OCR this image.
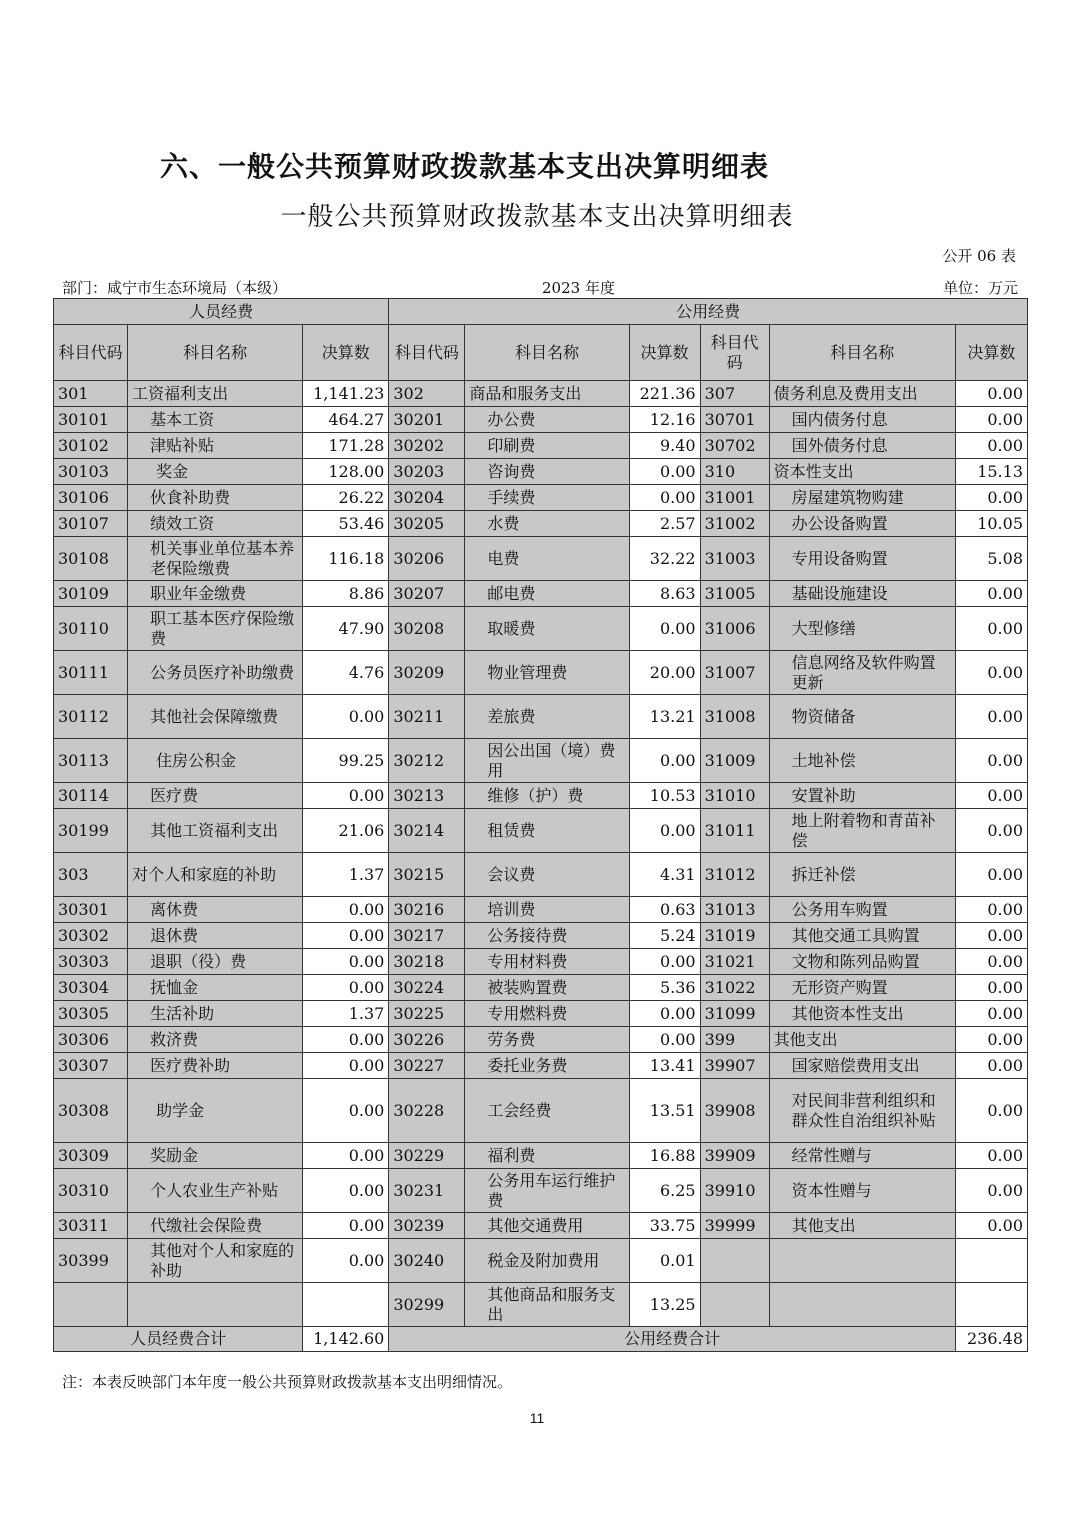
六、一般公共预算财政拨款基本支出决算明细表
一般公共预算财政拨款基本支出决算明细表
公开 06 表
部门：咸宁市生态环境局（本级）	2023 年度	单位：万元
人员经费			公用经费					
科目代码	科目名称	决算数	科目代码	科目名称	决算数	科目代码	科目名称	决算数
301	工资福利支出	1,141.23	302	商品和服务支出	221.36	307	债务利息及费用支出	0.00
30101	基本工资	464.27	30201	办公费	12.16	30701	国内债务付息	0.00
30102	津贴补贴	171.28	30202	印刷费	9.40	30702	国外债务付息	0.00
30103	奖金	128.00	30203	咨询费	0.00	310	资本性支出	15.13
30106	伙食补助费	26.22	30204	手续费	0.00	31001	房屋建筑物购建	0.00
30107	绩效工资	53.46	30205	水费	2.57	31002	办公设备购置	10.05
30108	机关事业单位基本养老保险缴费	116.18	30206	电费	32.22	31003	专用设备购置	5.08
30109	职业年金缴费	8.86	30207	邮电费	8.63	31005	基础设施建设	0.00
30110	职工基本医疗保险缴费	47.90	30208	取暖费	0.00	31006	大型修缮	0.00
30111	公务员医疗补助缴费	4.76	30209	物业管理费	20.00	31007	信息网络及软件购置更新	0.00
30112	其他社会保障缴费	0.00	30211	差旅费	13.21	31008	物资储备	0.00
30113	住房公积金	99.25	30212	因公出国（境）费用	0.00	31009	土地补偿	0.00
30114	医疗费	0.00	30213	维修（护）费	10.53	31010	安置补助	0.00
30199	其他工资福利支出	21.06	30214	租赁费	0.00	31011	地上附着物和青苗补偿	0.00
303	对个人和家庭的补助	1.37	30215	会议费	4.31	31012	拆迁补偿	0.00
30301	离休费	0.00	30216	培训费	0.63	31013	公务用车购置	0.00
30302	退休费	0.00	30217	公务接待费	5.24	31019	其他交通工具购置	0.00
30303	退职（役）费	0.00	30218	专用材料费	0.00	31021	文物和陈列品购置	0.00
30304	抚恤金	0.00	30224	被装购置费	5.36	31022	无形资产购置	0.00
30305	生活补助	1.37	30225	专用燃料费	0.00	31099	其他资本性支出	0.00
30306	救济费	0.00	30226	劳务费	0.00	399	其他支出	0.00
30307	医疗费补助	0.00	30227	委托业务费	13.41	39907	国家赔偿费用支出	0.00
30308	助学金	0.00	30228	工会经费	13.51	39908	对民间非营利组织和群众性自治组织补贴	0.00
30309	奖励金	0.00	30229	福利费	16.88	39909	经常性赠与	0.00
30310	个人农业生产补贴	0.00	30231	公务用车运行维护费	6.25	39910	资本性赠与	0.00
30311	代缴社会保险费	0.00	30239	其他交通费用	33.75	39999	其他支出	0.00
30399	其他对个人和家庭的补助	0.00	30240	税金及附加费用	0.01			
			30299	其他商品和服务支出	13.25			
人员经费合计		1,142.60	公用经费合计					236.48
注：本表反映部门本年度一般公共预算财政拨款基本支出明细情况。
11
